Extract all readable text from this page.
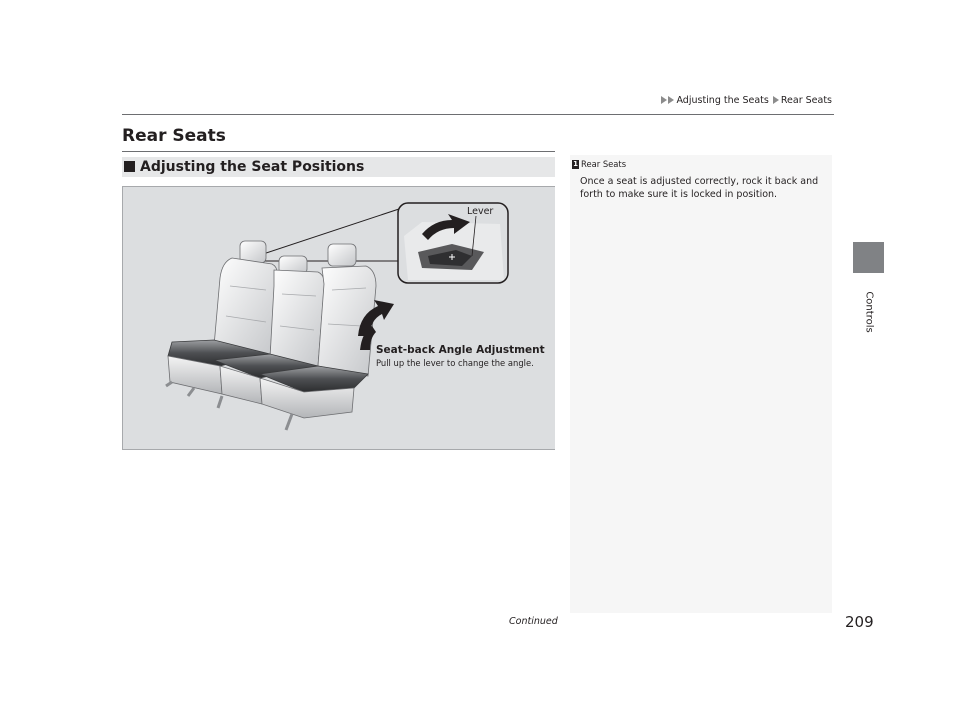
Adjusting the Seats Rear Seats
Controls
Rear Seats
Adjusting the Seat Positions
Lever
Seat-back Angle Adjustment
Pull up the lever to change the angle.
1 Rear Seats
Once a seat is adjusted correctly, rock it back and forth to make sure it is locked in position.
Continued	209
